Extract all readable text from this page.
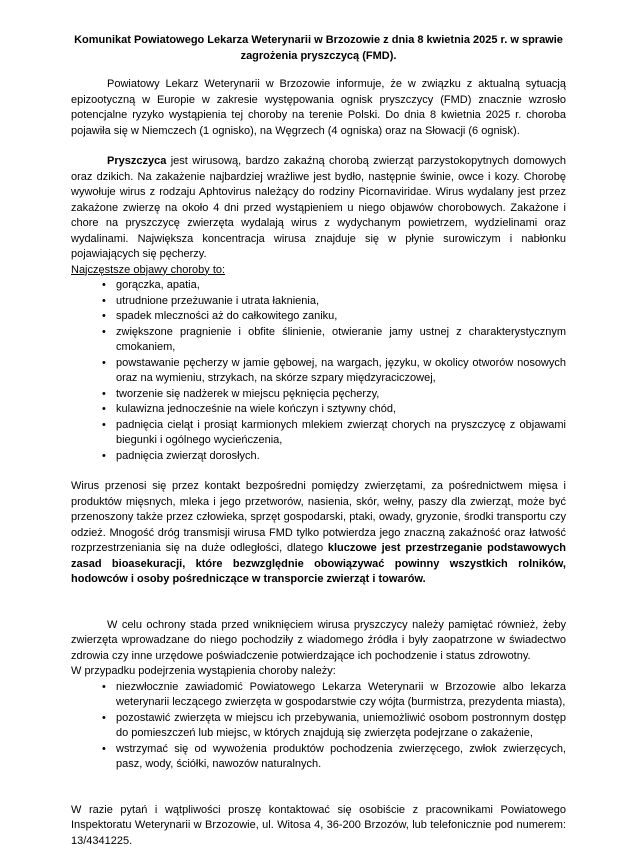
Komunikat Powiatowego Lekarza Weterynarii w Brzozowie z dnia 8 kwietnia 2025 r. w sprawie zagrożenia pryszczycą (FMD).

Powiatowy Lekarz Weterynarii w Brzozowie informuje, że w związku z aktualną sytuacją epizootyczną w Europie w zakresie występowania ognisk pryszczycy (FMD) znacznie wzrosło potencjalne ryzyko wystąpienia tej choroby na terenie Polski. Do dnia 8 kwietnia 2025 r. choroba pojawiła się w Niemczech (1 ognisko), na Węgrzech (4 ogniska) oraz na Słowacji (6 ognisk).

Pryszczyca jest wirusową, bardzo zakaźną chorobą zwierząt parzystokopytnych domowych oraz dzikich. Na zakażenie najbardziej wrażliwe jest bydło, następnie świnie, owce i kozy. Chorobę wywołuje wirus z rodzaju Aphtovirus należący do rodziny Picornaviridae. Wirus wydalany jest przez zakażone zwierzę na około 4 dni przed wystąpieniem u niego objawów chorobowych. Zakażone i chore na pryszczycę zwierzęta wydalają wirus z wydychanym powietrzem, wydzielinami oraz wydalinami. Największa koncentracja wirusa znajduje się w płynie surowiczym i nabłonku pojawiających się pęcherzy.

Najczęstsze objawy choroby to:

• gorączka, apatia,
• utrudnione przeżuwanie i utrata łaknienia,
• spadek mleczności aż do całkowitego zaniku,
• zwiększone pragnienie i obfite ślinienie, otwieranie jamy ustnej z charakterystycznym cmokaniem,
• powstawanie pęcherzy w jamie gębowej, na wargach, języku, w okolicy otworów nosowych oraz na wymieniu, strzykach, na skórze szpary międzyraciczowej,
• tworzenie się nadżerek w miejscu pęknięcia pęcherzy,
• kulawizna jednocześnie na wiele kończyn i sztywny chód,
• padnięcia cieląt i prosiąt karmionych mlekiem zwierząt chorych na pryszczycę z objawami biegunki i ogólnego wycieńczenia,
• padnięcia zwierząt dorosłych.

Wirus przenosi się przez kontakt bezpośredni pomiędzy zwierzętami, za pośrednictwem mięsa i produktów mięsnych, mleka i jego przetworów, nasienia, skór, wełny, paszy dla zwierząt, może być przenoszony także przez człowieka, sprzęt gospodarski, ptaki, owady, gryzonie, środki transportu czy odzież. Mnogość dróg transmisji wirusa FMD tylko potwierdza jego znaczną zakaźność oraz łatwość rozprzestrzeniania się na duże odległości, dlatego kluczowe jest przestrzeganie podstawowych zasad bioasekuracji, które bezwzględnie obowiązywać powinny wszystkich rolników, hodowców i osoby pośredniczące w transporcie zwierząt i towarów.

W celu ochrony stada przed wniknięciem wirusa pryszczycy należy pamiętać również, żeby zwierzęta wprowadzane do niego pochodziły z wiadomego źródła i były zaopatrzone w świadectwo zdrowia czy inne urzędowe poświadczenie potwierdzające ich pochodzenie i status zdrowotny.

W przypadku podejrzenia wystąpienia choroby należy:

• niezwłocznie zawiadomić Powiatowego Lekarza Weterynarii w Brzozowie albo lekarza weterynarii leczącego zwierzęta w gospodarstwie czy wójta (burmistrza, prezydenta miasta),
• pozostawić zwierzęta w miejscu ich przebywania, uniemożliwić osobom postronnym dostęp do pomieszczeń lub miejsc, w których znajdują się zwierzęta podejrzane o zakażenie,
• wstrzymać się od wywożenia produktów pochodzenia zwierzęcego, zwłok zwierzęcych, pasz, wody, ściółki, nawozów naturalnych.

W razie pytań i wątpliwości proszę kontaktować się osobiście z pracownikami Powiatowego Inspektoratu Weterynarii w Brzozowie, ul. Witosa 4, 36-200 Brzozów, lub telefonicznie pod numerem: 13/4341225.
